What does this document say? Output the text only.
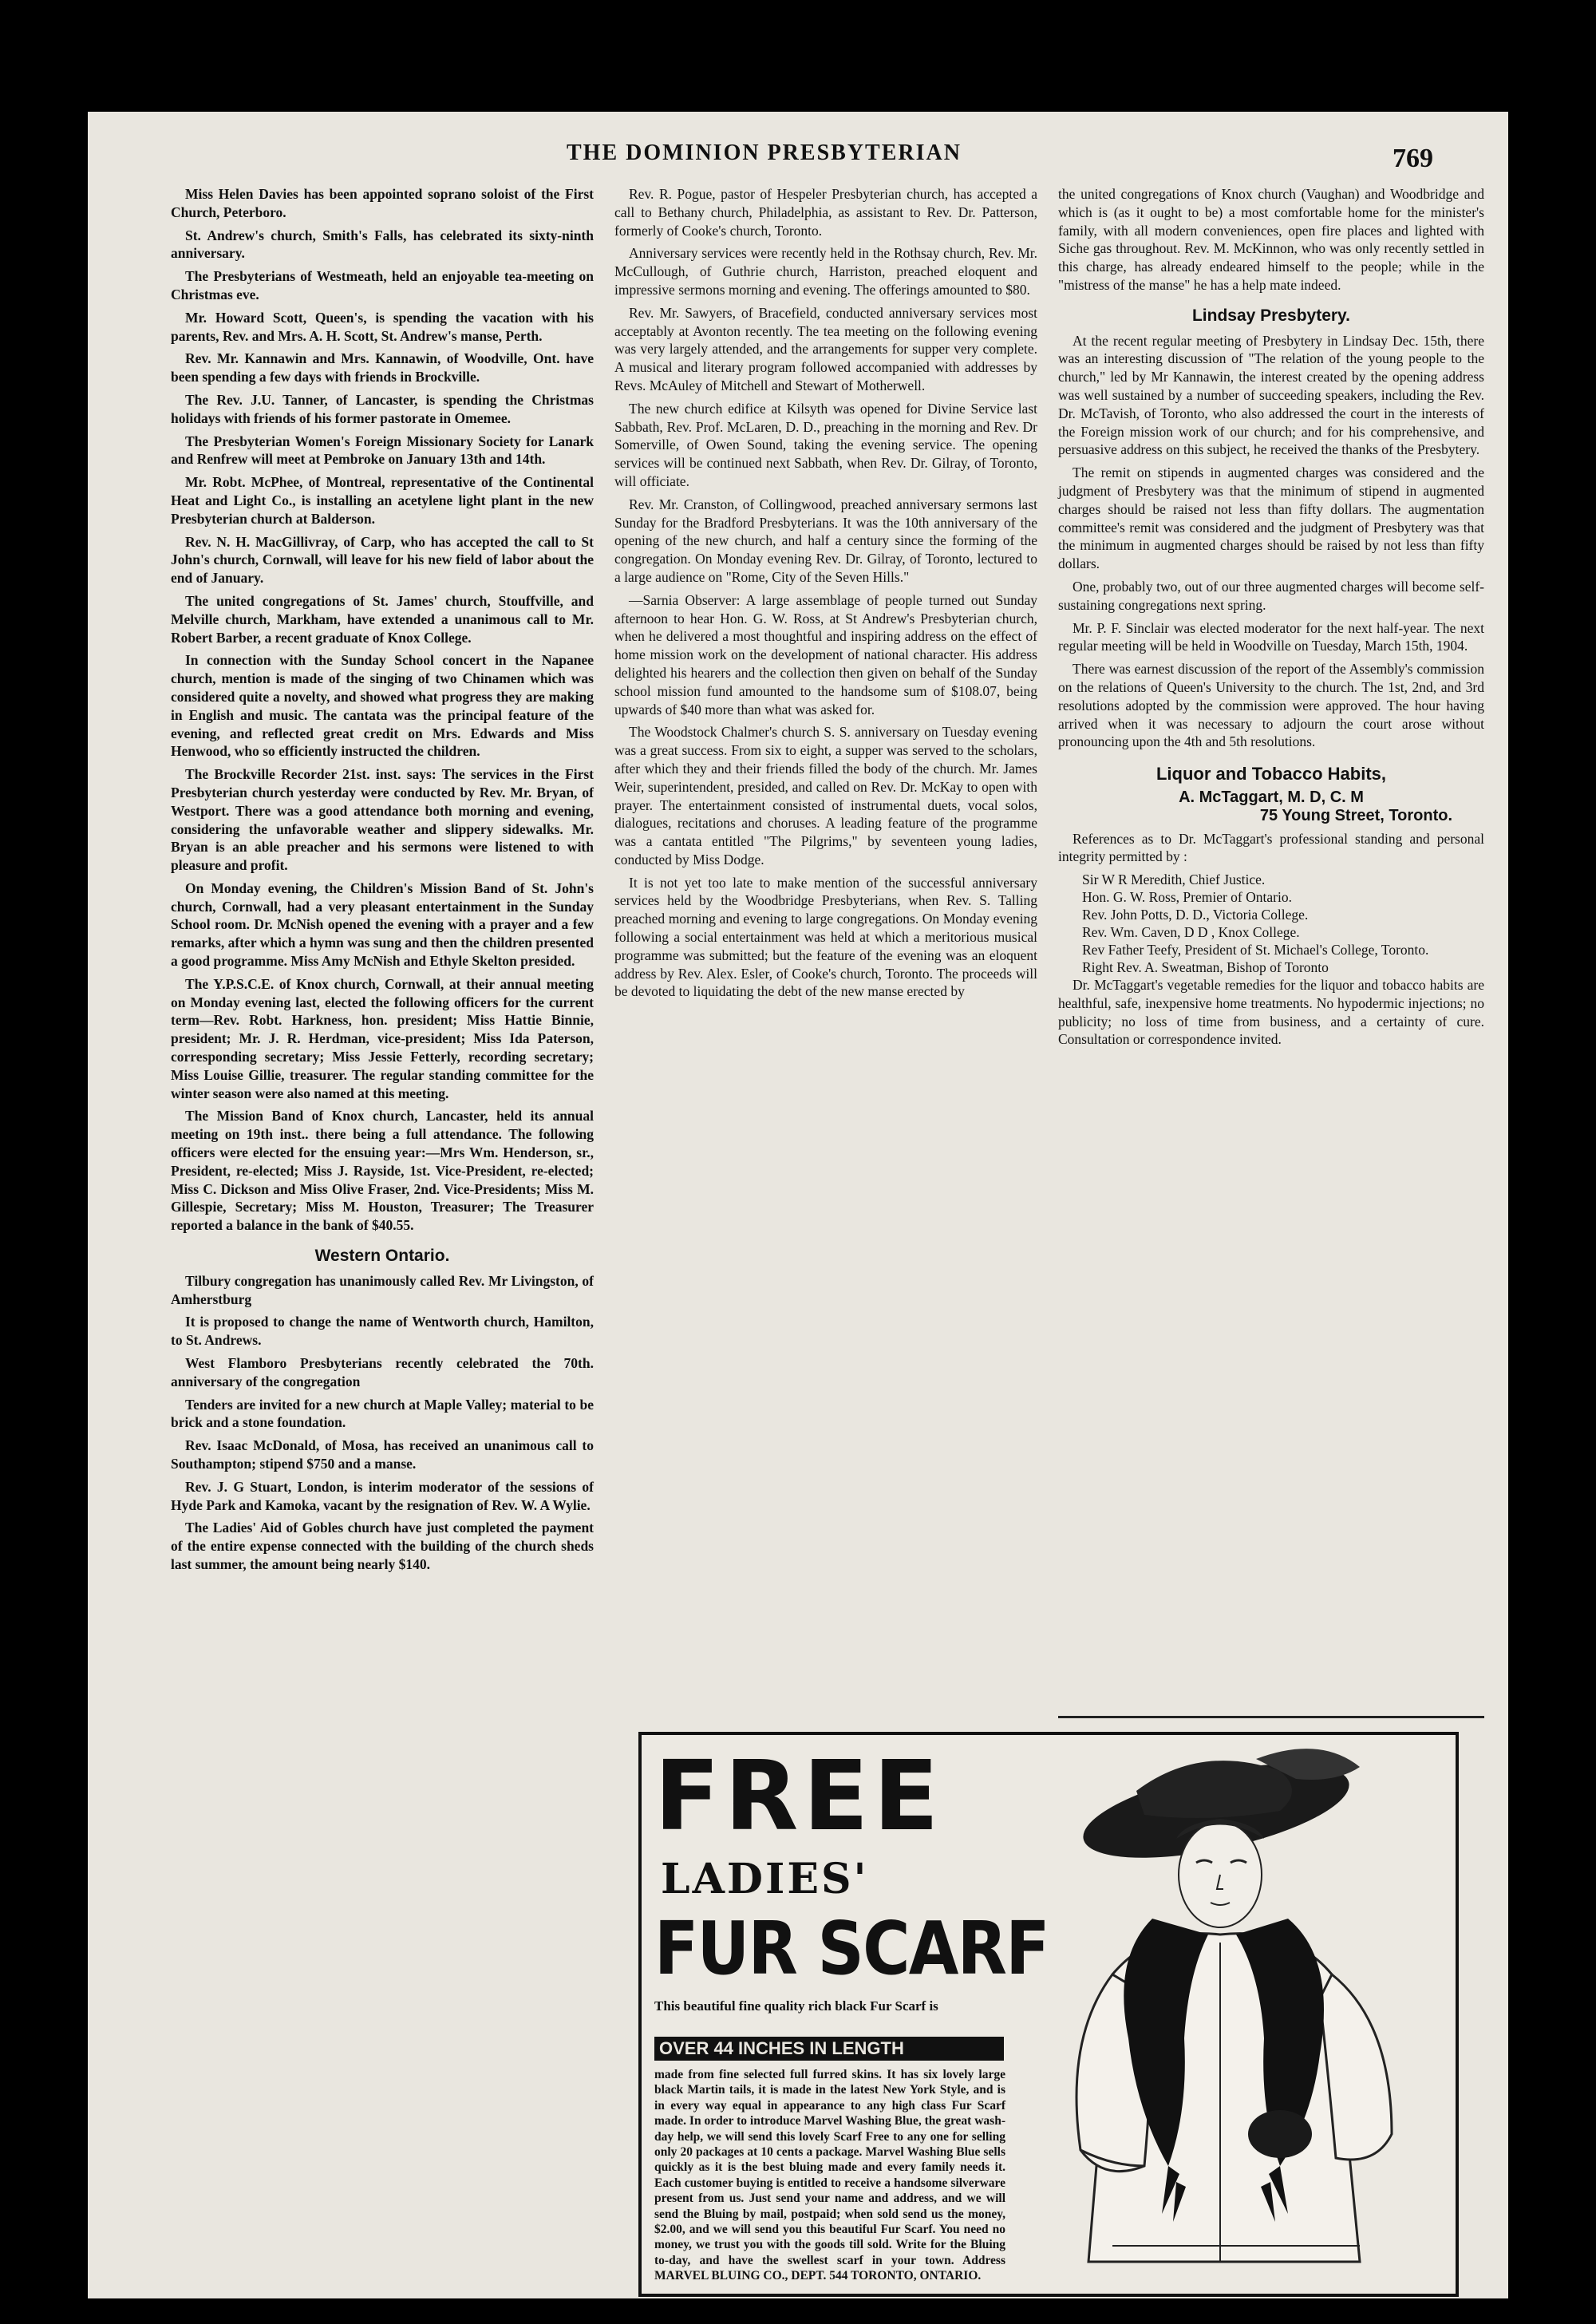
THE DOMINION PRESBYTERIAN	769

Miss Helen Davies has been appointed soprano soloist of the First Church, Peterboro.

St. Andrew's church, Smith's Falls, has celebrated its sixty-ninth anniversary.

The Presbyterians of Westmeath, held an enjoyable tea-meeting on Christmas eve.

Mr. Howard Scott, Queen's, is spending the vacation with his parents, Rev. and Mrs. A. H. Scott, St. Andrew's manse, Perth.

Rev. Mr. Kannawin and Mrs. Kannawin, of Woodville, Ont. have been spending a few days with friends in Brockville.

The Rev. J.U. Tanner, of Lancaster, is spending the Christmas holidays with friends of his former pastorate in Omemee.

The Presbyterian Women's Foreign Missionary Society for Lanark and Renfrew will meet at Pembroke on January 13th and 14th.

Mr. Robt. McPhee, of Montreal, representative of the Continental Heat and Light Co., is installing an acetylene light plant in the new Presbyterian church at Balderson.

Rev. N. H. MacGillivray, of Carp, who has accepted the call to St John's church, Cornwall, will leave for his new field of labor about the end of January.

The united congregations of St. James' church, Stouffville, and Melville church, Markham, have extended a unanimous call to Mr. Robert Barber, a recent graduate of Knox College.

In connection with the Sunday School concert in the Napanee church, mention is made of the singing of two Chinamen which was considered quite a novelty, and showed what progress they are making in English and music. The cantata was the principal feature of the evening, and reflected great credit on Mrs. Edwards and Miss Henwood, who so efficiently instructed the children.

The Brockville Recorder 21st. inst. says: The services in the First Presbyterian church yesterday were conducted by Rev. Mr. Bryan, of Westport. There was a good attendance both morning and evening, considering the unfavorable weather and slippery sidewalks. Mr. Bryan is an able preacher and his sermons were listened to with pleasure and profit.

On Monday evening, the Children's Mission Band of St. John's church, Cornwall, had a very pleasant entertainment in the Sunday School room. Dr. McNish opened the evening with a prayer and a few remarks, after which a hymn was sung and then the children presented a good programme. Miss Amy McNish and Ethyle Skelton presided.

The Y.P.S.C.E. of Knox church, Cornwall, at their annual meeting on Monday evening last, elected the following officers for the current term—Rev. Robt. Harkness, hon. president; Miss Hattie Binnie, president; Mr. J. R. Herdman, vice-president; Miss Ida Paterson, corresponding secretary; Miss Jessie Fetterly, recording secretary; Miss Louise Gillie, treasurer. The regular standing committee for the winter season were also named at this meeting.

The Mission Band of Knox church, Lancaster, held its annual meeting on 19th inst.. there being a full attendance. The following officers were elected for the ensuing year:—Mrs Wm. Henderson, sr., President, re-elected; Miss J. Rayside, 1st. Vice-President, re-elected; Miss C. Dickson and Miss Olive Fraser, 2nd. Vice-Presidents; Miss M. Gillespie, Secretary; Miss M. Houston, Treasurer; The Treasurer reported a balance in the bank of $40.55.

Western Ontario.

Tilbury congregation has unanimously called Rev. Mr Livingston, of Amherstburg

It is proposed to change the name of Wentworth church, Hamilton, to St. Andrews.

West Flamboro Presbyterians recently celebrated the 70th. anniversary of the congregation

Tenders are invited for a new church at Maple Valley; material to be brick and a stone foundation.

Rev. Isaac McDonald, of Mosa, has received an unanimous call to Southampton; stipend $750 and a manse.

Rev. J. G Stuart, London, is interim moderator of the sessions of Hyde Park and Kamoka, vacant by the resignation of Rev. W. A Wylie.

The Ladies' Aid of Gobles church have just completed the payment of the entire expense connected with the building of the church sheds last summer, the amount being nearly $140.

Rev. R. Pogue, pastor of Hespeler Presbyterian church, has accepted a call to Bethany church, Philadelphia, as assistant to Rev. Dr. Patterson, formerly of Cooke's church, Toronto.

Anniversary services were recently held in the Rothsay church, Rev. Mr. McCullough, of Guthrie church, Harriston, preached eloquent and impressive sermons morning and evening. The offerings amounted to $80.

Rev. Mr. Sawyers, of Bracefield, conducted anniversary services most acceptably at Avonton recently. The tea meeting on the following evening was very largely attended, and the arrangements for supper very complete. A musical and literary program followed accompanied with addresses by Revs. McAuley of Mitchell and Stewart of Motherwell.

The new church edifice at Kilsyth was opened for Divine Service last Sabbath, Rev. Prof. McLaren, D. D., preaching in the morning and Rev. Dr Somerville, of Owen Sound, taking the evening service. The opening services will be continued next Sabbath, when Rev. Dr. Gilray, of Toronto, will officiate.

Rev. Mr. Cranston, of Collingwood, preached anniversary sermons last Sunday for the Bradford Presbyterians. It was the 10th anniversary of the opening of the new church, and half a century since the forming of the congregation. On Monday evening Rev. Dr. Gilray, of Toronto, lectured to a large audience on "Rome, City of the Seven Hills."

—Sarnia Observer: A large assemblage of people turned out Sunday afternoon to hear Hon. G. W. Ross, at St Andrew's Presbyterian church, when he delivered a most thoughtful and inspiring address on the effect of home mission work on the development of national character. His address delighted his hearers and the collection then given on behalf of the Sunday school mission fund amounted to the handsome sum of $108.07, being upwards of $40 more than what was asked for.

The Woodstock Chalmer's church S. S. anniversary on Tuesday evening was a great success. From six to eight, a supper was served to the scholars, after which they and their friends filled the body of the church. Mr. James Weir, superintendent, presided, and called on Rev. Dr. McKay to open with prayer. The entertainment consisted of instrumental duets, vocal solos, dialogues, recitations and choruses. A leading feature of the programme was a cantata entitled "The Pilgrims," by seventeen young ladies, conducted by Miss Dodge.

It is not yet too late to make mention of the successful anniversary services held by the Woodbridge Presbyterians, when Rev. S. Talling preached morning and evening to large congregations. On Monday evening following a social entertainment was held at which a meritorious musical programme was submitted; but the feature of the evening was an eloquent address by Rev. Alex. Esler, of Cooke's church, Toronto. The proceeds will be devoted to liquidating the debt of the new manse erected by

the united congregations of Knox church (Vaughan) and Woodbridge and which is (as it ought to be) a most comfortable home for the minister's family, with all modern conveniences, open fire places and lighted with Siche gas throughout. Rev. M. McKinnon, who was only recently settled in this charge, has already endeared himself to the people; while in the "mistress of the manse" he has a help mate indeed.

Lindsay Presbytery.

At the recent regular meeting of Presbytery in Lindsay Dec. 15th, there was an interesting discussion of "The relation of the young people to the church," led by Mr Kannawin, the interest created by the opening address was well sustained by a number of succeeding speakers, including the Rev. Dr. McTavish, of Toronto, who also addressed the court in the interests of the Foreign mission work of our church; and for his comprehensive, and persuasive address on this subject, he received the thanks of the Presbytery.

The remit on stipends in augmented charges was considered and the judgment of Presbytery was that the minimum of stipend in augmented charges should be raised not less than fifty dollars. The augmentation committee's remit was considered and the judgment of Presbytery was that the minimum in augmented charges should be raised by not less than fifty dollars.

One, probably two, out of our three augmented charges will become self-sustaining congregations next spring.

Mr. P. F. Sinclair was elected moderator for the next half-year. The next regular meeting will be held in Woodville on Tuesday, March 15th, 1904.

There was earnest discussion of the report of the Assembly's commission on the relations of Queen's University to the church. The 1st, 2nd, and 3rd resolutions adopted by the commission were approved. The hour having arrived when it was necessary to adjourn the court arose without pronouncing upon the 4th and 5th resolutions.

Liquor and Tobacco Habits,
A. McTaggart, M. D, C. M
75 Young Street, Toronto.

References as to Dr. McTaggart's professional standing and personal integrity permitted by :

Sir W R Meredith, Chief Justice.
Hon. G. W. Ross, Premier of Ontario.
Rev. John Potts, D. D., Victoria College.
Rev. Wm. Caven, D D , Knox College.
Rev Father Teefy, President of St. Michael's College, Toronto.
Right Rev. A. Sweatman, Bishop of Toronto

Dr. McTaggart's vegetable remedies for the liquor and tobacco habits are healthful, safe, inexpensive home treatments. No hypodermic injections; no publicity; no loss of time from business, and a certainty of cure. Consultation or correspondence invited.

FREE
LADIES'
FUR SCARF
This beautiful fine quality rich black Fur Scarf is
OVER 44 INCHES IN LENGTH
made from fine selected full furred skins. It has six lovely large black Martin tails, it is made in the latest New York Style, and is in every way equal in appearance to any high class Fur Scarf made. In order to introduce Marvel Washing Blue, the great wash-day help, we will send this lovely Scarf Free to any one for selling only 20 packages at 10 cents a package. Marvel Washing Blue sells quickly as it is the best bluing made and every family needs it. Each customer buying is entitled to receive a handsome silverware present from us. Just send your name and address, and we will send the Bluing by mail, postpaid; when sold send us the money, $2.00, and we will send you this beautiful Fur Scarf. You need no money, we trust you with the goods till sold. Write for the Bluing to-day, and have the swellest scarf in your town. Address MARVEL BLUING CO., DEPT. 544 TORONTO, ONTARIO.
